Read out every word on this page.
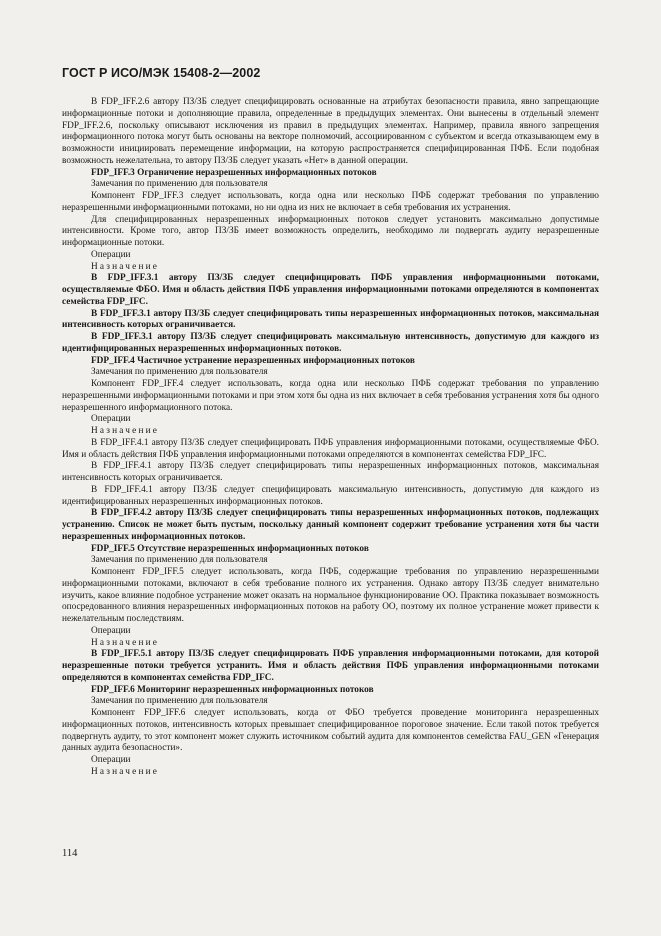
ГОСТ Р ИСО/МЭК 15408-2—2002

В FDP_IFF.2.6 автору ПЗ/ЗБ следует специфицировать основанные на атрибутах безопасности правила, явно запрещающие информационные потоки и дополняющие правила, определенные в предыдущих элементах. Они вынесены в отдельный элемент FDP_IFF.2.6, поскольку описывают исключения из правил в предыдущих элементах. Например, правила явного запрещения информационного потока могут быть основаны на векторе полномочий, ассоциированном с субъектом и всегда отказывающем ему в возможности инициировать перемещение информации, на которую распространяется специфицированная ПФБ. Если подобная возможность нежелательна, то автору ПЗ/ЗБ следует указать «Нет» в данной операции.

FDP_IFF.3 Ограничение неразрешенных информационных потоков

Замечания по применению для пользователя

Компонент FDP_IFF.3 следует использовать, когда одна или несколько ПФБ содержат требования по управлению неразрешенными информационными потоками, но ни одна из них не включает в себя требования их устранения.

Для специфицированных неразрешенных информационных потоков следует установить максимально допустимые интенсивности. Кроме того, автор ПЗ/ЗБ имеет возможность определить, необходимо ли подвергать аудиту неразрешенные информационные потоки.

Операции

Назначение

В FDP_IFF.3.1 автору ПЗ/ЗБ следует специфицировать ПФБ управления информационными потоками, осуществляемые ФБО. Имя и область действия ПФБ управления информационными потоками определяются в компонентах семейства FDP_IFC.

В FDP_IFF.3.1 автору ПЗ/ЗБ следует специфицировать типы неразрешенных информационных потоков, максимальная интенсивность которых ограничивается.

В FDP_IFF.3.1 автору ПЗ/ЗБ следует специфицировать максимальную интенсивность, допустимую для каждого из идентифицированных неразрешенных информационных потоков.

FDP_IFF.4 Частичное устранение неразрешенных информационных потоков

Замечания по применению для пользователя

Компонент FDP_IFF.4 следует использовать, когда одна или несколько ПФБ содержат требования по управлению неразрешенными информационными потоками и при этом хотя бы одна из них включает в себя требования устранения хотя бы одного неразрешенного информационного потока.

Операции

Назначение

В FDP_IFF.4.1 автору ПЗ/ЗБ следует специфицировать ПФБ управления информационными потоками, осуществляемые ФБО. Имя и область действия ПФБ управления информационными потоками определяются в компонентах семейства FDP_IFC.

В FDP_IFF.4.1 автору ПЗ/ЗБ следует специфицировать типы неразрешенных информационных потоков, максимальная интенсивность которых ограничивается.

В FDP_IFF.4.1 автору ПЗ/ЗБ следует специфицировать максимальную интенсивность, допустимую для каждого из идентифицированных неразрешенных информационных потоков.

В FDP_IFF.4.2 автору ПЗ/ЗБ следует специфицировать типы неразрешенных информационных потоков, подлежащих устранению. Список не может быть пустым, поскольку данный компонент содержит требование устранения хотя бы части неразрешенных информационных потоков.

FDP_IFF.5 Отсутствие неразрешенных информационных потоков

Замечания по применению для пользователя

Компонент FDP_IFF.5 следует использовать, когда ПФБ, содержащие требования по управлению неразрешенными информационными потоками, включают в себя требование полного их устранения. Однако автору ПЗ/ЗБ следует внимательно изучить, какое влияние подобное устранение может оказать на нормальное функционирование ОО. Практика показывает возможность опосредованного влияния неразрешенных информационных потоков на работу ОО, поэтому их полное устранение может привести к нежелательным последствиям.

Операции

Назначение

В FDP_IFF.5.1 автору ПЗ/ЗБ следует специфицировать ПФБ управления информационными потоками, для которой неразрешенные потоки требуется устранить. Имя и область действия ПФБ управления информационными потоками определяются в компонентах семейства FDP_IFC.

FDP_IFF.6 Мониторинг неразрешенных информационных потоков

Замечания по применению для пользователя

Компонент FDP_IFF.6 следует использовать, когда от ФБО требуется проведение мониторинга неразрешенных информационных потоков, интенсивность которых превышает специфицированное пороговое значение. Если такой поток требуется подвергнуть аудиту, то этот компонент может служить источником событий аудита для компонентов семейства FAU_GEN «Генерация данных аудита безопасности».

Операции

Назначение

114
